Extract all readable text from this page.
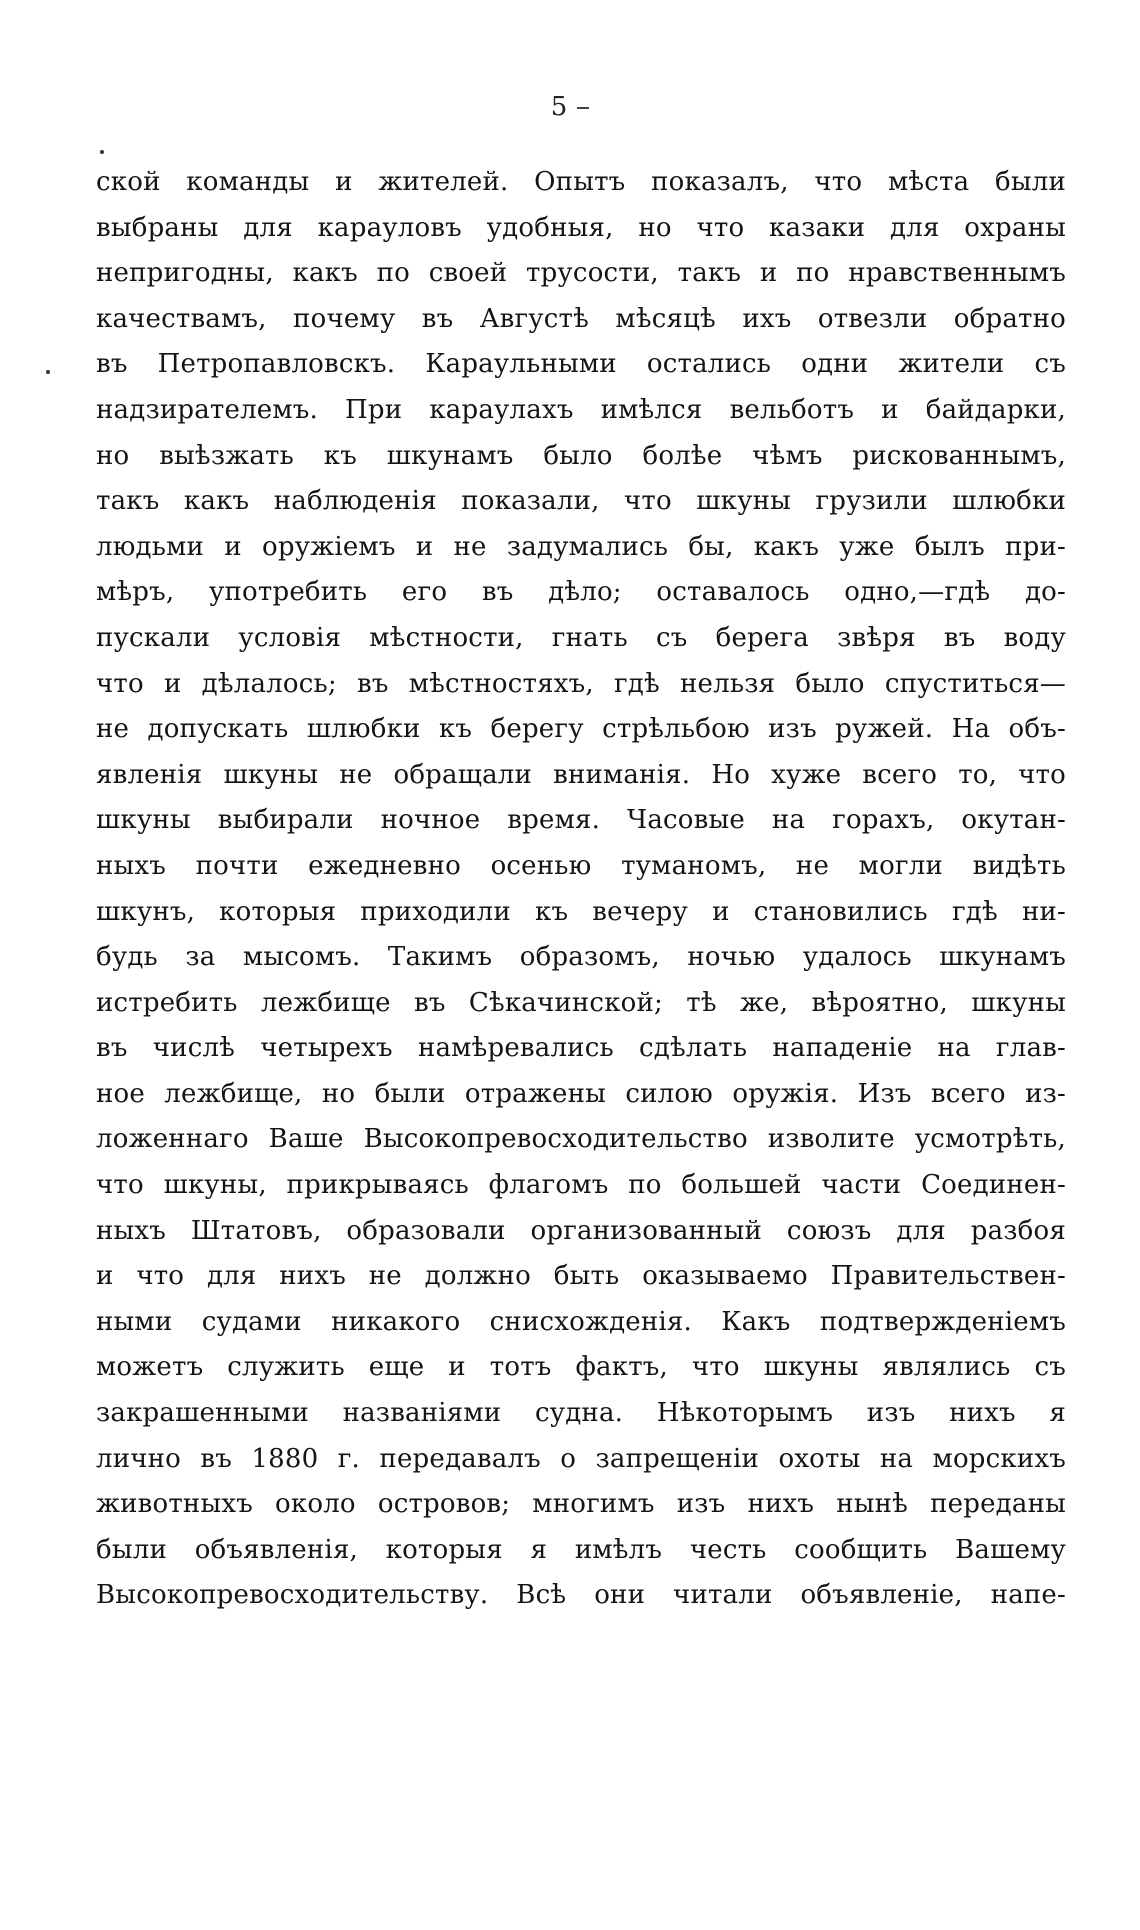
5
ской команды и жителей. Опытъ показалъ, что мѣста были
выбраны для карауловъ удобныя, но что казаки для охраны
непригодны, какъ по своей трусости, такъ и по нравственнымъ
качествамъ, почему въ Августѣ мѣсяцѣ ихъ отвезли обратно
въ Петропавловскъ. Караульными остались одни жители съ
надзирателемъ. При караулахъ имѣлся вельботъ и байдарки,
но выѣзжать къ шкунамъ было болѣе чѣмъ рискованнымъ,
такъ какъ наблюденія показали, что шкуны грузили шлюбки
людьми и оружіемъ и не задумались бы, какъ уже былъ при-
мѣръ, употребить его въ дѣло; оставалось одно,—гдѣ до-
пускали условія мѣстности, гнать съ берега звѣря въ воду
что и дѣлалось; въ мѣстностяхъ, гдѣ нельзя было спуститься—
не допускать шлюбки къ берегу стрѣльбою изъ ружей. На объ-
явленія шкуны не обращали вниманія. Но хуже всего то, что
шкуны выбирали ночное время. Часовые на горахъ, окутан-
ныхъ почти ежедневно осенью туманомъ, не могли видѣть
шкунъ, которыя приходили къ вечеру и становились гдѣ ни-
будь за мысомъ. Такимъ образомъ, ночью удалось шкунамъ
истребить лежбище въ Сѣкачинской; тѣ же, вѣроятно, шкуны
въ числѣ четырехъ намѣревались сдѣлать нападеніе на глав-
ное лежбище, но были отражены силою оружія. Изъ всего из-
ложеннаго Ваше Высокопревосходительство изволите усмотрѣть,
что шкуны, прикрываясь флагомъ по большей части Соединен-
ныхъ Штатовъ, образовали организованный союзъ для разбоя
и что для нихъ не должно быть оказываемо Правительствен-
ными судами никакого снисхожденія. Какъ подтвержденіемъ
можетъ служить еще и тотъ фактъ, что шкуны являлись съ
закрашенными названіями судна. Нѣкоторымъ изъ нихъ я
лично въ 1880 г. передавалъ о запрещеніи охоты на морскихъ
животныхъ около островов; многимъ изъ нихъ нынѣ переданы
были объявленія, которыя я имѣлъ честь сообщить Вашему
Высокопревосходительству. Всѣ они читали объявленіе, напе-
